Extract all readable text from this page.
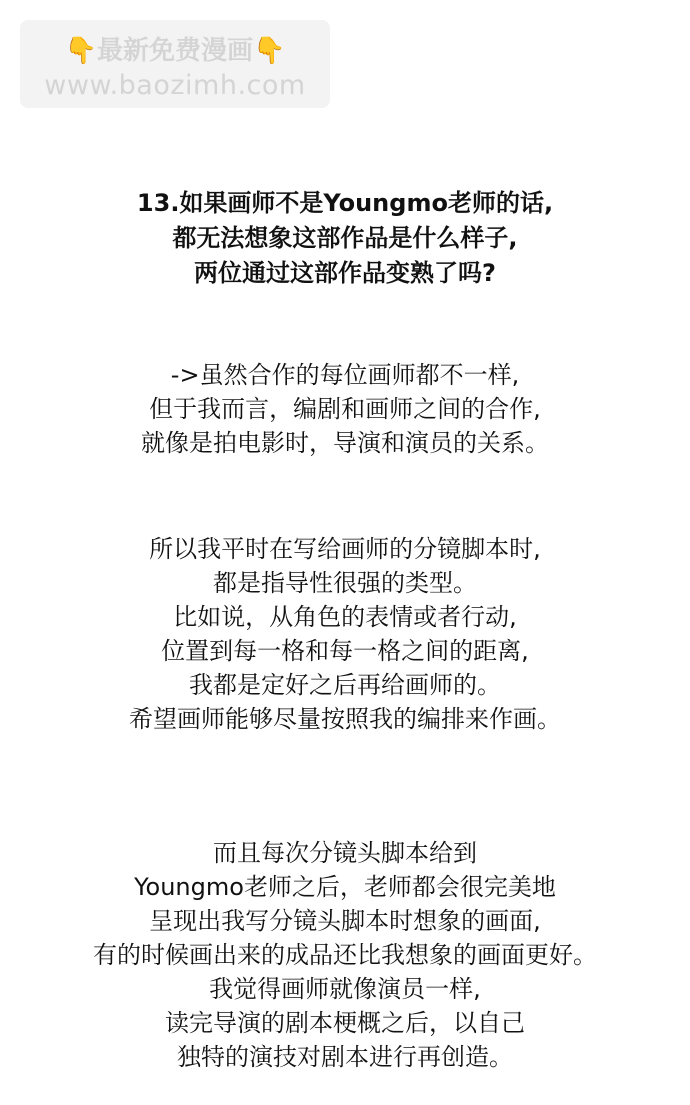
👇最新免费漫画👇
www.baozimh.com
13.如果画师不是Youngmo老师的话,
都无法想象这部作品是什么样子,
两位通过这部作品变熟了吗?
->虽然合作的每位画师都不一样,
但于我而言，编剧和画师之间的合作,
就像是拍电影时，导演和演员的关系。
所以我平时在写给画师的分镜脚本时,
都是指导性很强的类型。
比如说，从角色的表情或者行动,
位置到每一格和每一格之间的距离,
我都是定好之后再给画师的。
希望画师能够尽量按照我的编排来作画。
而且每次分镜头脚本给到
Youngmo老师之后，老师都会很完美地
呈现出我写分镜头脚本时想象的画面,
有的时候画出来的成品还比我想象的画面更好。
我觉得画师就像演员一样,
读完导演的剧本梗概之后，以自己
独特的演技对剧本进行再创造。
